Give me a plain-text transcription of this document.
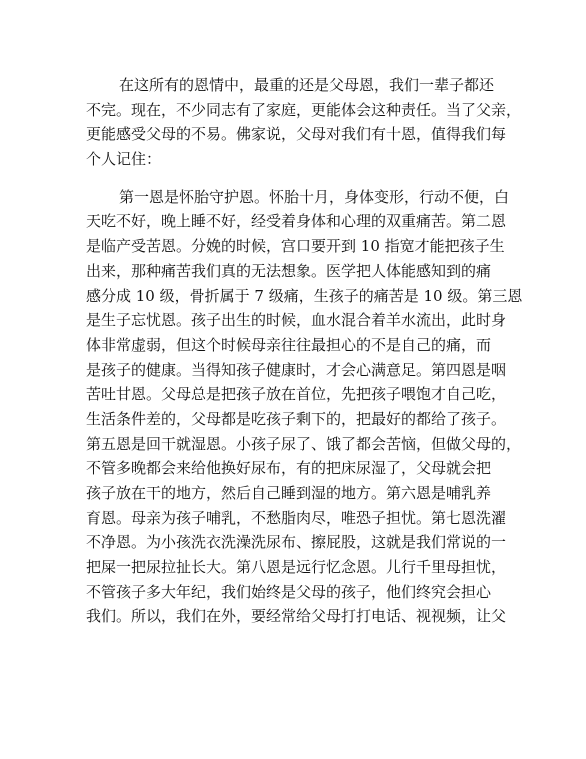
在这所有的恩情中，最重的还是父母恩，我们一辈子都还
不完。现在，不少同志有了家庭，更能体会这种责任。当了父亲，
更能感受父母的不易。佛家说，父母对我们有十恩，值得我们每
个人记住：
第一恩是怀胎守护恩。怀胎十月，身体变形，行动不便，白
天吃不好，晚上睡不好，经受着身体和心理的双重痛苦。第二恩
是临产受苦恩。分娩的时候，宫口要开到 10 指宽才能把孩子生
出来，那种痛苦我们真的无法想象。医学把人体能感知到的痛
感分成 10 级，骨折属于 7 级痛，生孩子的痛苦是 10 级。第三恩
是生子忘忧恩。孩子出生的时候，血水混合着羊水流出，此时身
体非常虚弱，但这个时候母亲往往最担心的不是自己的痛，而
是孩子的健康。当得知孩子健康时，才会心满意足。第四恩是咽
苦吐甘恩。父母总是把孩子放在首位，先把孩子喂饱才自己吃，
生活条件差的，父母都是吃孩子剩下的，把最好的都给了孩子。
第五恩是回干就湿恩。小孩子尿了、饿了都会苦恼，但做父母的，
不管多晚都会来给他换好尿布，有的把床尿湿了，父母就会把
孩子放在干的地方，然后自己睡到湿的地方。第六恩是哺乳养
育恩。母亲为孩子哺乳，不愁脂肉尽，唯恐子担忧。第七恩洗濯
不净恩。为小孩洗衣洗澡洗尿布、擦屁股，这就是我们常说的一
把屎一把尿拉扯长大。第八恩是远行忆念恩。儿行千里母担忧，
不管孩子多大年纪，我们始终是父母的孩子，他们终究会担心
我们。所以，我们在外，要经常给父母打打电话、视视频，让父
